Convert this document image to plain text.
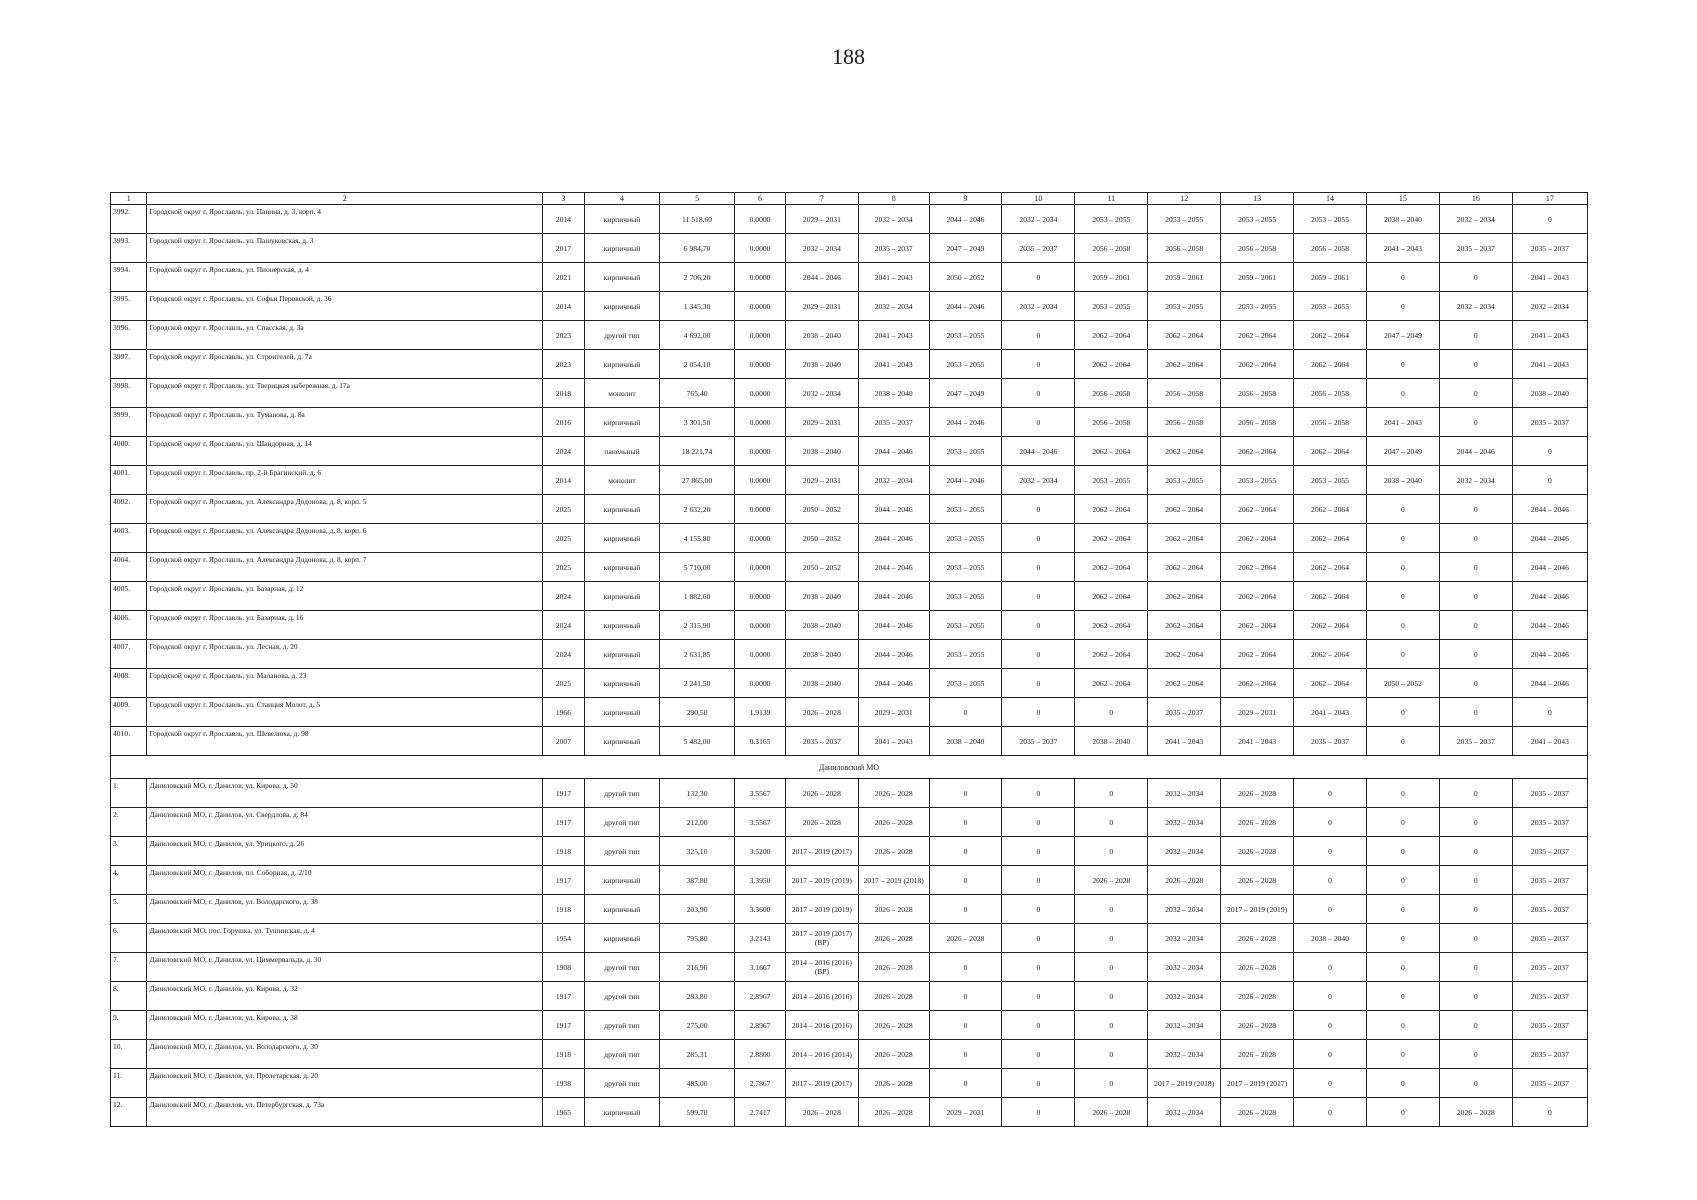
188
1	2	3	4	5	6	7	8	9	10	11	12	13	14	15	16	17
3992.	Городской округ г. Ярославль, ул. Панина, д. 3, корп. 4	2014	кирпичный	11 518,60	0.0000	2029 – 2031	2032 – 2034	2044 – 2046	2032 – 2034	2053 – 2055	2053 – 2055	2053 – 2055	2053 – 2055	2038 – 2040	2032 – 2034	0
3993.	Городской округ г. Ярославль, ул. Пашуковская, д. 3	2017	кирпичный	6 984,70	0.0000	2032 – 2034	2035 – 2037	2047 – 2049	2035 – 2037	2056 – 2058	2056 – 2058	2056 – 2058	2056 – 2058	2041 – 2043	2035 – 2037	2035 – 2037
3994.	Городской округ г. Ярославль, ул. Пионерская, д. 4	2021	кирпичный	2 706,20	0.0000	2044 – 2046	2041 – 2043	2050 – 2052	0	2059 – 2061	2059 – 2061	2059 – 2061	2059 – 2061	0	0	2041 – 2043
3995.	Городской округ г. Ярославль, ул. Софьи Перовской, д. 36	2014	кирпичный	1 345,30	0.0000	2029 – 2031	2032 – 2034	2044 – 2046	2032 – 2034	2053 – 2055	2053 – 2055	2053 – 2055	2053 – 2055	0	2032 – 2034	2032 – 2034
3996.	Городской округ г. Ярославль, ул. Спасская, д. 3а	2023	другой тип	4 692,00	0.0000	2038 – 2040	2041 – 2043	2053 – 2055	0	2062 – 2064	2062 – 2064	2062 – 2064	2062 – 2064	2047 – 2049	0	2041 – 2043
3997.	Городской округ г. Ярославль, ул. Строителей, д. 7а	2023	кирпичный	2 054,10	0.0000	2038 – 2040	2041 – 2043	2053 – 2055	0	2062 – 2064	2062 – 2064	2062 – 2064	2062 – 2064	0	0	2041 – 2043
3998.	Городской округ г. Ярославль, ул. Тверицкая набережная, д. 17а	2018	монолит	765,40	0.0000	2032 – 2034	2038 – 2040	2047 – 2049	0	2056 – 2058	2056 – 2058	2056 – 2058	2056 – 2058	0	0	2038 – 2040
3999.	Городской округ г. Ярославль, ул. Туманова, д. 8а	2016	кирпичный	3 301,50	0.0000	2029 – 2031	2035 – 2037	2044 – 2046	0	2056 – 2058	2056 – 2058	2056 – 2058	2056 – 2058	2041 – 2043	0	2035 – 2037
4000.	Городской округ г. Ярославль, ул. Шандорная, д. 14	2024	панельный	18 221,74	0.0000	2038 – 2040	2044 – 2046	2053 – 2055	2044 – 2046	2062 – 2064	2062 – 2064	2062 – 2064	2062 – 2064	2047 – 2049	2044 – 2046	0
4001.	Городской округ г. Ярославль, пр. 2-й Брагинский, д. 6	2014	монолит	27 865,00	0.0000	2029 – 2031	2032 – 2034	2044 – 2046	2032 – 2034	2053 – 2055	2053 – 2055	2053 – 2055	2053 – 2055	2038 – 2040	2032 – 2034	0
4002.	Городской округ г. Ярославль, ул. Александра Додонова, д. 8, корп. 5	2025	кирпичный	2 632,20	0.0000	2050 – 2052	2044 – 2046	2053 – 2055	0	2062 – 2064	2062 – 2064	2062 – 2064	2062 – 2064	0	0	2044 – 2046
4003.	Городской округ г. Ярославль, ул. Александра Додонова, д. 8, корп. 6	2025	кирпичный	4 155,80	0.0000	2050 – 2052	2044 – 2046	2053 – 2055	0	2062 – 2064	2062 – 2064	2062 – 2064	2062 – 2064	0	0	2044 – 2046
4004.	Городской округ г. Ярославль, ул. Александра Додонова, д. 8, корп. 7	2025	кирпичный	5 710,00	0.0000	2050 – 2052	2044 – 2046	2053 – 2055	0	2062 – 2064	2062 – 2064	2062 – 2064	2062 – 2064	0	0	2044 – 2046
4005.	Городской округ г. Ярославль, ул. Базарная, д. 12	2024	кирпичный	1 882,60	0.0000	2038 – 2040	2044 – 2046	2053 – 2055	0	2062 – 2064	2062 – 2064	2062 – 2064	2062 – 2064	0	0	2044 – 2046
4006.	Городской округ г. Ярославль, ул. Базарная, д. 16	2024	кирпичный	2 315,90	0.0000	2038 – 2040	2044 – 2046	2053 – 2055	0	2062 – 2064	2062 – 2064	2062 – 2064	2062 – 2064	0	0	2044 – 2046
4007.	Городской округ г. Ярославль, ул. Лесная, д. 20	2024	кирпичный	2 631,85	0.0000	2038 – 2040	2044 – 2046	2053 – 2055	0	2062 – 2064	2062 – 2064	2062 – 2064	2062 – 2064	0	0	2044 – 2046
4008.	Городской округ г. Ярославль, ул. Маланова, д. 23	2025	кирпичный	2 241,50	0.0000	2038 – 2040	2044 – 2046	2053 – 2055	0	2062 – 2064	2062 – 2064	2062 – 2064	2062 – 2064	2050 – 2052	0	2044 – 2046
4009.	Городской округ г. Ярославль, ул. Станция Молот, д. 5	1966	кирпичный	290,50	1.9139	2026 – 2028	2029 – 2031	0	0	0	2035 – 2037	2029 – 2031	2041 – 2043	0	0	0
4010.	Городской округ г. Ярославль, ул. Шевелюха, д. 98	2007	кирпичный	5 482,00	0.3165	2035 – 2037	2041 – 2043	2038 – 2040	2035 – 2037	2038 – 2040	2041 – 2043	2041 – 2043	2035 – 2037	0	2035 – 2037	2041 – 2043
Даниловский МО																
1.	Даниловский МО, г. Данилов, ул. Кирова, д. 50	1917	другой тип	132,30	3.5567	2026 – 2028	2026 – 2028	0	0	0	2032 – 2034	2026 – 2028	0	0	0	2035 – 2037
2.	Даниловский МО, г. Данилов, ул. Свердлова, д. 84	1917	другой тип	212,00	3.5567	2026 – 2028	2026 – 2028	0	0	0	2032 – 2034	2026 – 2028	0	0	0	2035 – 2037
3.	Даниловский МО, г. Данилов, ул. Урицкого, д. 26	1918	другой тип	325,10	3.5200	2017 – 2019 (2017)	2026 – 2028	0	0	0	2032 – 2034	2026 – 2028	0	0	0	2035 – 2037
4.	Даниловский МО, г. Данилов, пл. Соборная, д. 2/10	1917	кирпичный	387,80	3.3950	2017 – 2019 (2019)	2017 – 2019 (2018)	0	0	2026 – 2028	2026 – 2028	2026 – 2028	0	0	0	2035 – 2037
5.	Даниловский МО, г. Данилов, ул. Володарского, д. 38	1918	кирпичный	203,90	3.3600	2017 – 2019 (2019)	2026 – 2028	0	0	0	2032 – 2034	2017 – 2019 (2019)	0	0	0	2035 – 2037
6.	Даниловский МО, пос. Горушка, ул. Тушинская, д. 4	1954	кирпичный	795,80	3.2143	2017 – 2019 (2017) (ВР)	2026 – 2028	2026 – 2028	0	0	2032 – 2034	2026 – 2028	2038 – 2040	0	0	2035 – 2037
7.	Даниловский МО, г. Данилов, ул. Циммервальда, д. 30	1908	другой тип	216,90	3.1667	2014 – 2016 (2016) (ВР)	2026 – 2028	0	0	0	2032 – 2034	2026 – 2028	0	0	0	2035 – 2037
8.	Даниловский МО, г. Данилов, ул. Кирова, д. 32	1917	другой тип	283,80	2.8967	2014 – 2016 (2016)	2026 – 2028	0	0	0	2032 – 2034	2026 – 2028	0	0	0	2035 – 2037
9.	Даниловский МО, г. Данилов, ул. Кирова, д. 38	1917	другой тип	275,00	2.8967	2014 – 2016 (2016)	2026 – 2028	0	0	0	2032 – 2034	2026 – 2028	0	0	0	2035 – 2037
10.	Даниловский МО, г. Данилов, ул. Володарского, д. 30	1918	другой тип	285,31	2.8800	2014 – 2016 (2014)	2026 – 2028	0	0	0	2032 – 2034	2026 – 2028	0	0	0	2035 – 2037
11.	Даниловский МО, г. Данилов, ул. Пролетарская, д. 20	1938	другой тип	485,00	2.7867	2017 – 2019 (2017)	2026 – 2028	0	0	0	2017 – 2019 (2018)	2017 – 2019 (2017)	0	0	0	2035 – 2037
12.	Даниловский МО, г. Данилов, ул. Петербургская, д. 73а	1965	кирпичный	599,70	2.7417	2026 – 2028	2026 – 2028	2029 – 2031	0	2026 – 2028	2032 – 2034	2026 – 2028	0	0	2026 – 2028	0
